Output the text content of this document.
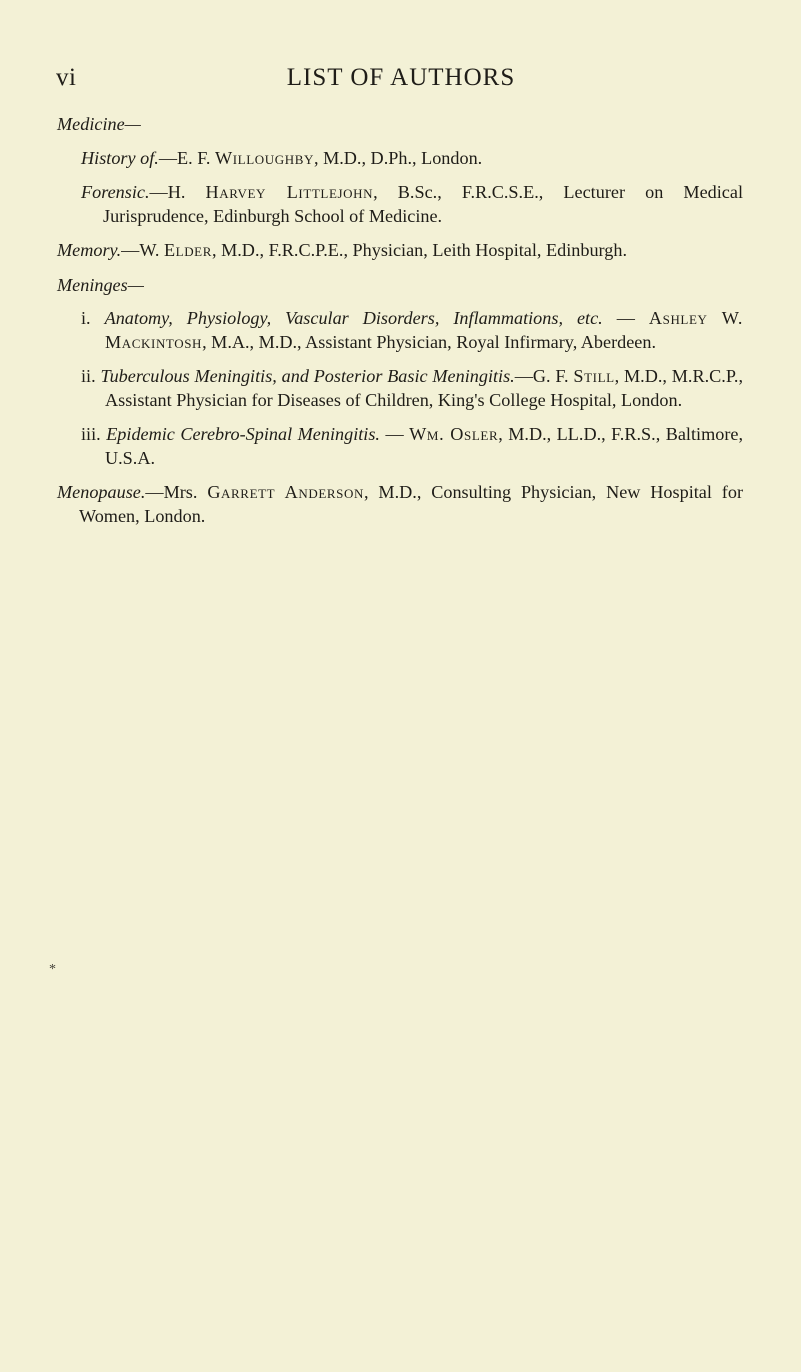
vi	LIST OF AUTHORS
Medicine—

History of.—E. F. Willoughby, M.D., D.Ph., London.

Forensic.—H. Harvey Littlejohn, B.Sc., F.R.C.S.E., Lecturer on Medical Jurisprudence, Edinburgh School of Medicine.

Memory.—W. Elder, M.D., F.R.C.P.E., Physician, Leith Hospital, Edinburgh.

Meninges—

i. Anatomy, Physiology, Vascular Disorders, Inflammations, etc. — Ashley W. Mackintosh, M.A., M.D., Assistant Physician, Royal Infirmary, Aberdeen.

ii. Tuberculous Meningitis, and Posterior Basic Meningitis.—G. F. Still, M.D., M.R.C.P., Assistant Physician for Diseases of Children, King's College Hospital, London.

iii. Epidemic Cerebro-Spinal Meningitis. — Wm. Osler, M.D., LL.D., F.R.S., Baltimore, U.S.A.

Menopause.—Mrs. Garrett Anderson, M.D., Consulting Physician, New Hospital for Women, London.

*
